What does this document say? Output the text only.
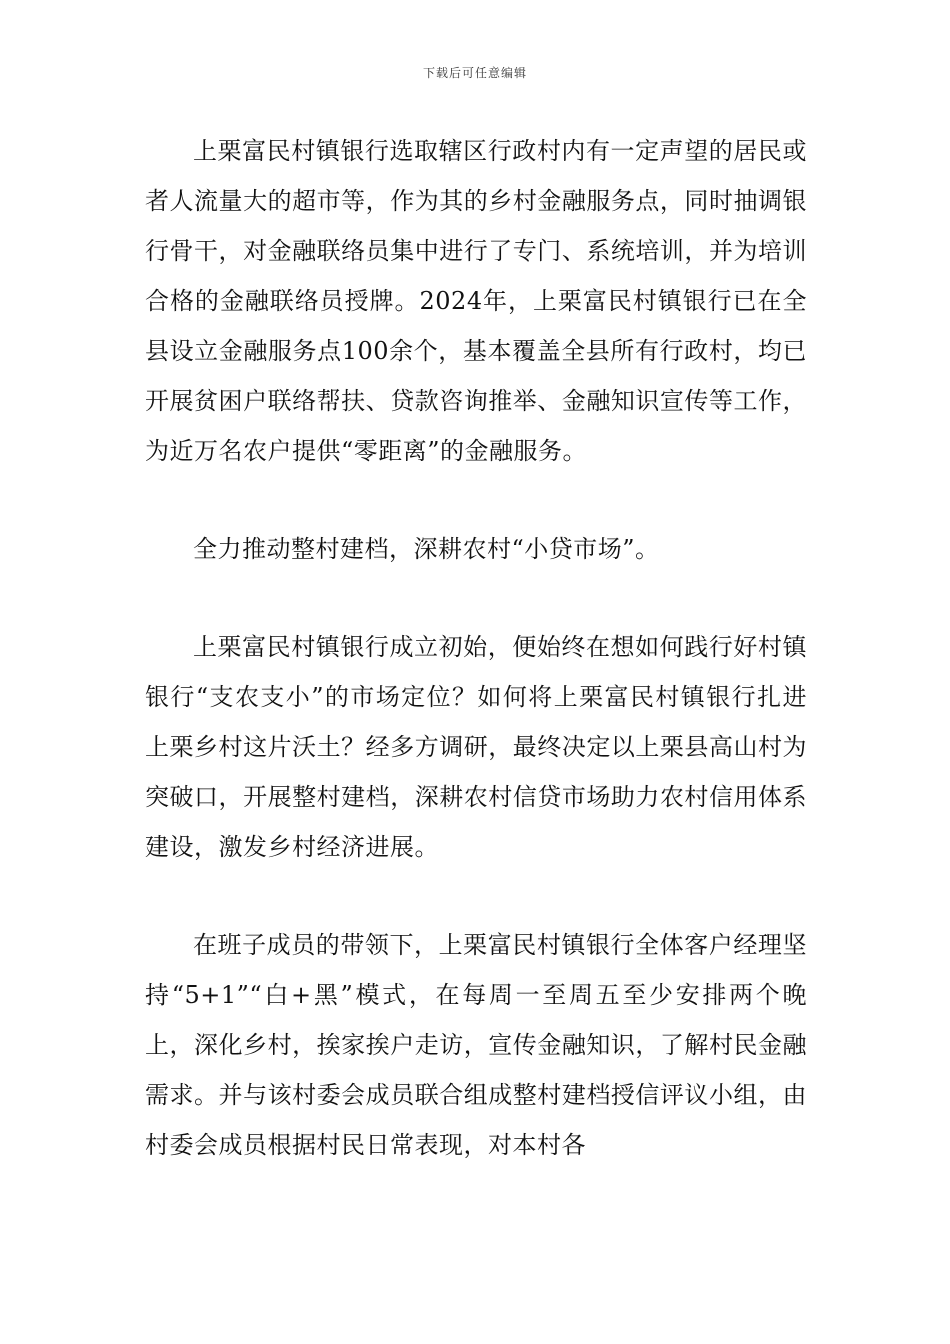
下载后可任意编辑

上栗富民村镇银行选取辖区行政村内有一定声望的居民或者人流量大的超市等，作为其的乡村金融服务点，同时抽调银行骨干，对金融联络员集中进行了专门、系统培训，并为培训合格的金融联络员授牌。2024年，上栗富民村镇银行已在全县设立金融服务点100余个，基本覆盖全县所有行政村，均已开展贫困户联络帮扶、贷款咨询推举、金融知识宣传等工作，为近万名农户提供“零距离”的金融服务。

全力推动整村建档，深耕农村“小贷市场”。

上栗富民村镇银行成立初始，便始终在想如何践行好村镇银行“支农支小”的市场定位？如何将上栗富民村镇银行扎进上栗乡村这片沃土？经多方调研，最终决定以上栗县高山村为突破口，开展整村建档，深耕农村信贷市场助力农村信用体系建设，激发乡村经济进展。

在班子成员的带领下，上栗富民村镇银行全体客户经理坚持“5+1”“白+黑”模式，在每周一至周五至少安排两个晚上，深化乡村，挨家挨户走访，宣传金融知识，了解村民金融需求。并与该村委会成员联合组成整村建档授信评议小组，由村委会成员根据村民日常表现，对本村各
